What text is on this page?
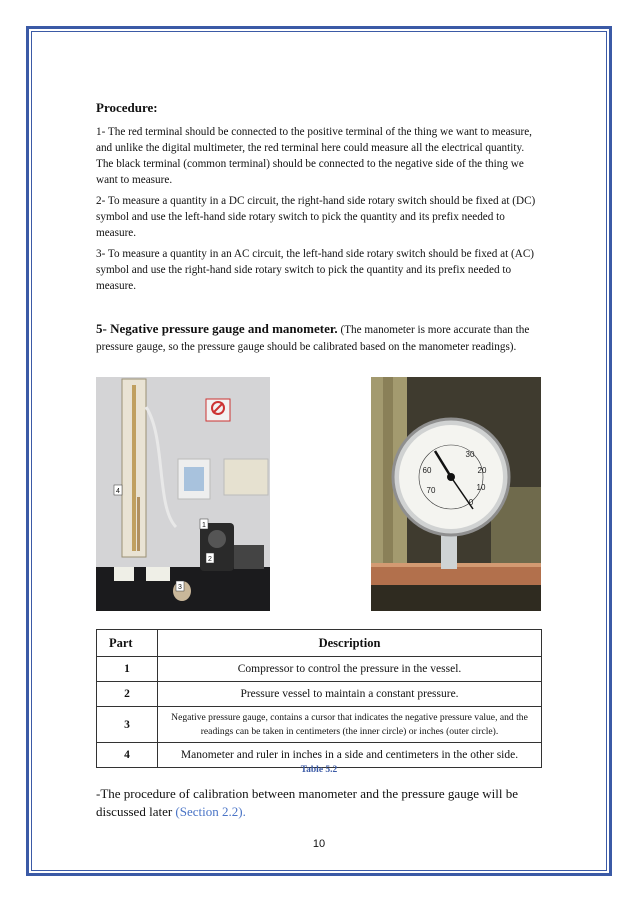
Procedure:

1- The red terminal should be connected to the positive terminal of the thing we want to measure, and unlike the digital multimeter, the red terminal here could measure all the electrical quantity. The black terminal (common terminal) should be connected to the negative side of the thing we want to measure.

2- To measure a quantity in a DC circuit, the right-hand side rotary switch should be fixed at (DC) symbol and use the left-hand side rotary switch to pick the quantity and its prefix needed to measure.

3- To measure a quantity in an AC circuit, the left-hand side rotary switch should be fixed at (AC) symbol and use the right-hand side rotary switch to pick the quantity and its prefix needed to measure.

5- Negative pressure gauge and manometer. (The manometer is more accurate than the pressure gauge, so the pressure gauge should be calibrated based on the manometer readings).
1
2
3
4
30
20
10
0
60
70
Part	Description
1	Compressor to control the pressure in the vessel.
2	Pressure vessel to maintain a constant pressure.
3	Negative pressure gauge, contains a cursor that indicates the negative pressure value, and the readings can be taken in centimeters (the inner circle) or inches (outer circle).
4	Manometer and ruler in inches in a side and centimeters in the other side.
Table 5.2
-The procedure of calibration between manometer and the pressure gauge will be discussed later (Section 2.2).
10
